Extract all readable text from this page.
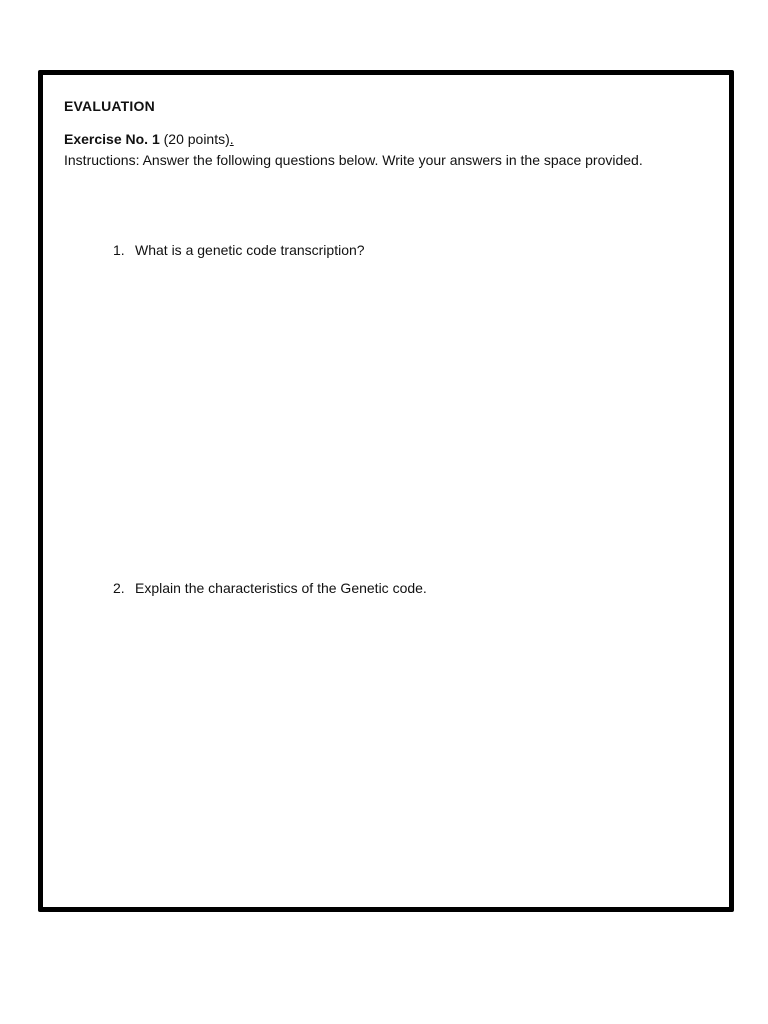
EVALUATION

Exercise No. 1 (20 points).

Instructions: Answer the following questions below. Write your answers in the space provided.

1. What is a genetic code transcription?

2. Explain the characteristics of the Genetic code.
